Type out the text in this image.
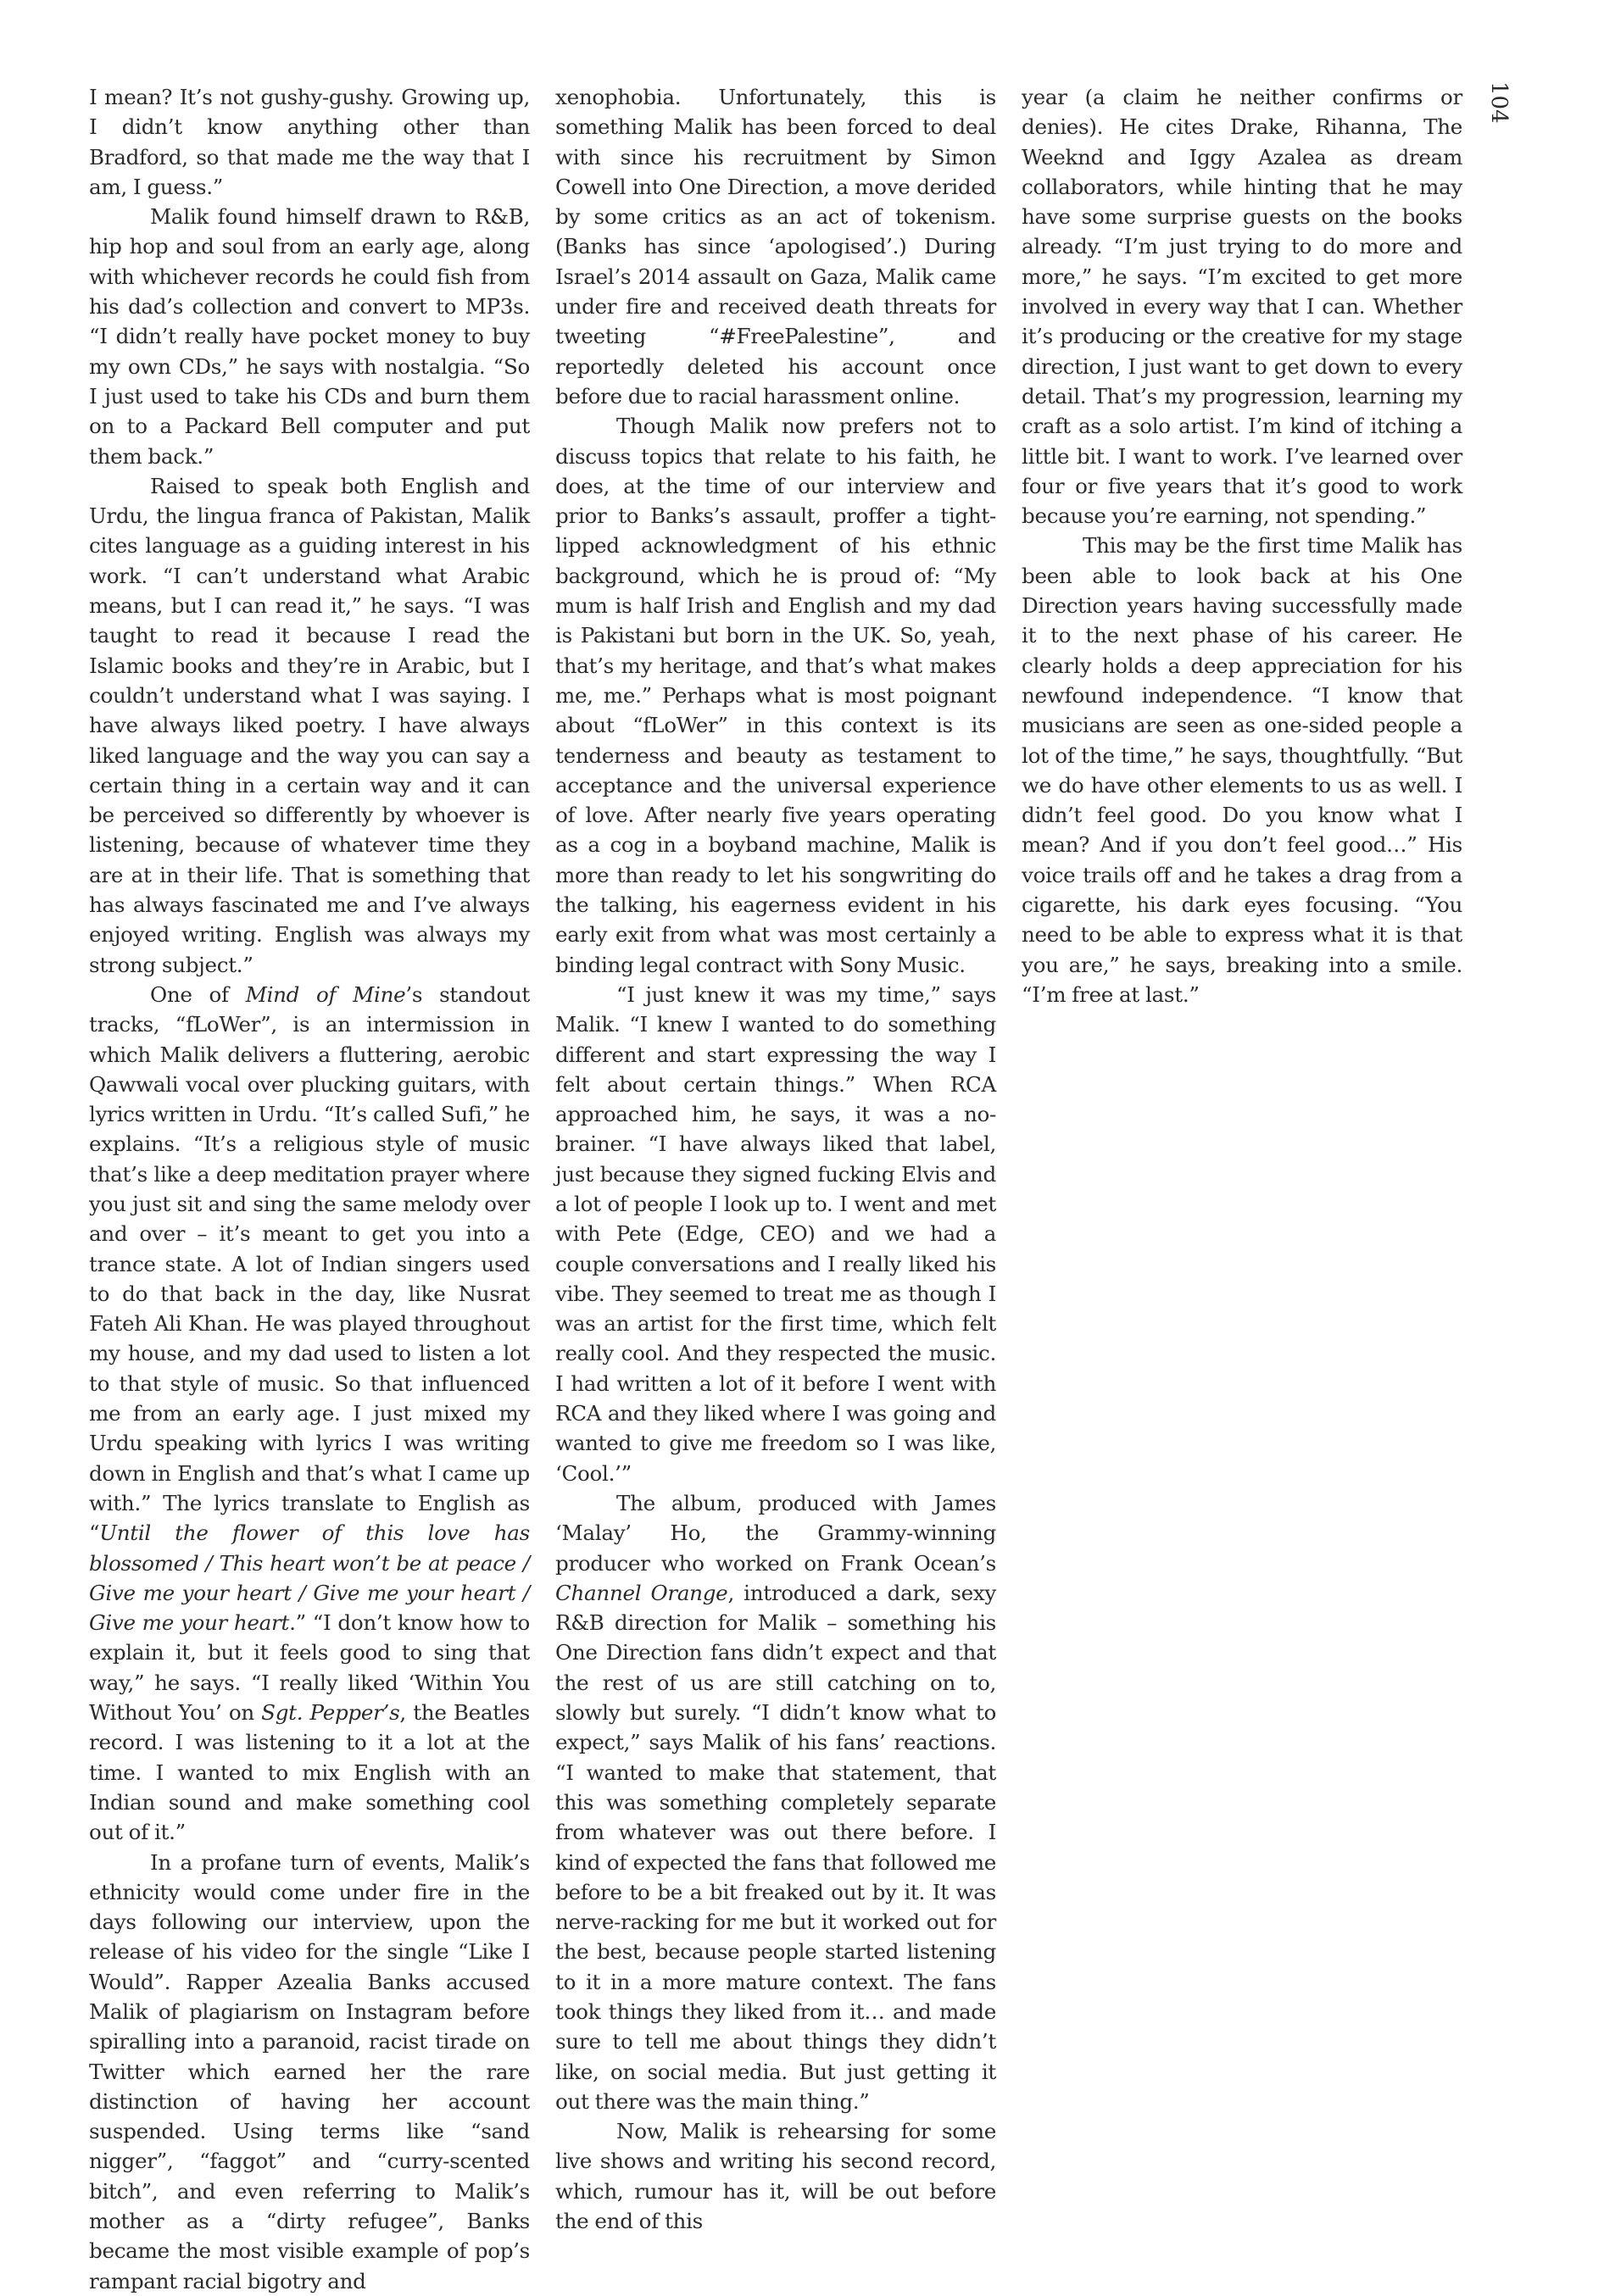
I mean? It’s not gushy-gushy. Growing up, I didn’t know anything other than Bradford, so that made me the way that I am, I guess.”

Malik found himself drawn to R&B, hip hop and soul from an early age, along with whichever records he could fish from his dad’s collection and convert to MP3s. “I didn’t really have pocket money to buy my own CDs,” he says with nostalgia. “So I just used to take his CDs and burn them on to a Packard Bell computer and put them back.”

Raised to speak both English and Urdu, the lingua franca of Pakistan, Malik cites language as a guiding interest in his work. “I can’t understand what Arabic means, but I can read it,” he says. “I was taught to read it because I read the Islamic books and they’re in Arabic, but I couldn’t understand what I was saying. I have always liked poetry. I have always liked language and the way you can say a certain thing in a certain way and it can be perceived so differently by whoever is listening, because of whatever time they are at in their life. That is something that has always fascinated me and I’ve always enjoyed writing. English was always my strong subject.”

One of Mind of Mine’s standout tracks, “fLoWer”, is an intermission in which Malik delivers a fluttering, aerobic Qawwali vocal over plucking guitars, with lyrics written in Urdu. “It’s called Sufi,” he explains. “It’s a religious style of music that’s like a deep meditation prayer where you just sit and sing the same melody over and over – it’s meant to get you into a trance state. A lot of Indian singers used to do that back in the day, like Nusrat Fateh Ali Khan. He was played throughout my house, and my dad used to listen a lot to that style of music. So that influenced me from an early age. I just mixed my Urdu speaking with lyrics I was writing down in English and that’s what I came up with.” The lyrics translate to English as “Until the flower of this love has blossomed / This heart won’t be at peace / Give me your heart / Give me your heart / Give me your heart.” “I don’t know how to explain it, but it feels good to sing that way,” he says. “I really liked ‘Within You Without You’ on Sgt. Pepper’s, the Beatles record. I was listening to it a lot at the time. I wanted to mix English with an Indian sound and make something cool out of it.”

In a profane turn of events, Malik’s ethnicity would come under fire in the days following our interview, upon the release of his video for the single “Like I Would”. Rapper Azealia Banks accused Malik of plagiarism on Instagram before spiralling into a paranoid, racist tirade on Twitter which earned her the rare distinction of having her account suspended. Using terms like “sand nigger”, “faggot” and “curry-scented bitch”, and even referring to Malik’s mother as a “dirty refugee”, Banks became the most visible example of pop’s rampant racial bigotry and

xenophobia. Unfortunately, this is something Malik has been forced to deal with since his recruitment by Simon Cowell into One Direction, a move derided by some critics as an act of tokenism. (Banks has since ‘apologised’.) During Israel’s 2014 assault on Gaza, Malik came under fire and received death threats for tweeting “#FreePalestine”, and reportedly deleted his account once before due to racial harassment online.

Though Malik now prefers not to discuss topics that relate to his faith, he does, at the time of our interview and prior to Banks’s assault, proffer a tight-lipped acknowledgment of his ethnic background, which he is proud of: “My mum is half Irish and English and my dad is Pakistani but born in the UK. So, yeah, that’s my heritage, and that’s what makes me, me.” Perhaps what is most poignant about “fLoWer” in this context is its tenderness and beauty as testament to acceptance and the universal experience of love. After nearly five years operating as a cog in a boyband machine, Malik is more than ready to let his songwriting do the talking, his eagerness evident in his early exit from what was most certainly a binding legal contract with Sony Music.

“I just knew it was my time,” says Malik. “I knew I wanted to do something different and start expressing the way I felt about certain things.” When RCA approached him, he says, it was a no-brainer. “I have always liked that label, just because they signed fucking Elvis and a lot of people I look up to. I went and met with Pete (Edge, CEO) and we had a couple conversations and I really liked his vibe. They seemed to treat me as though I was an artist for the first time, which felt really cool. And they respected the music. I had written a lot of it before I went with RCA and they liked where I was going and wanted to give me freedom so I was like, ‘Cool.’”

The album, produced with James ‘Malay’ Ho, the Grammy-winning producer who worked on Frank Ocean’s Channel Orange, introduced a dark, sexy R&B direction for Malik – something his One Direction fans didn’t expect and that the rest of us are still catching on to, slowly but surely. “I didn’t know what to expect,” says Malik of his fans’ reactions. “I wanted to make that statement, that this was something completely separate from whatever was out there before. I kind of expected the fans that followed me before to be a bit freaked out by it. It was nerve-racking for me but it worked out for the best, because people started listening to it in a more mature context. The fans took things they liked from it… and made sure to tell me about things they didn’t like, on social media. But just getting it out there was the main thing.”

Now, Malik is rehearsing for some live shows and writing his second record, which, rumour has it, will be out before the end of this

year (a claim he neither confirms or denies). He cites Drake, Rihanna, The Weeknd and Iggy Azalea as dream collaborators, while hinting that he may have some surprise guests on the books already. “I’m just trying to do more and more,” he says. “I’m excited to get more involved in every way that I can. Whether it’s producing or the creative for my stage direction, I just want to get down to every detail. That’s my progression, learning my craft as a solo artist. I’m kind of itching a little bit. I want to work. I’ve learned over four or five years that it’s good to work because you’re earning, not spending.”

This may be the first time Malik has been able to look back at his One Direction years having successfully made it to the next phase of his career. He clearly holds a deep appreciation for his newfound independence. “I know that musicians are seen as one-sided people a lot of the time,” he says, thoughtfully. “But we do have other elements to us as well. I didn’t feel good. Do you know what I mean? And if you don’t feel good…” His voice trails off and he takes a drag from a cigarette, his dark eyes focusing. “You need to be able to express what it is that you are,” he says, breaking into a smile. “I’m free at last.”

104
